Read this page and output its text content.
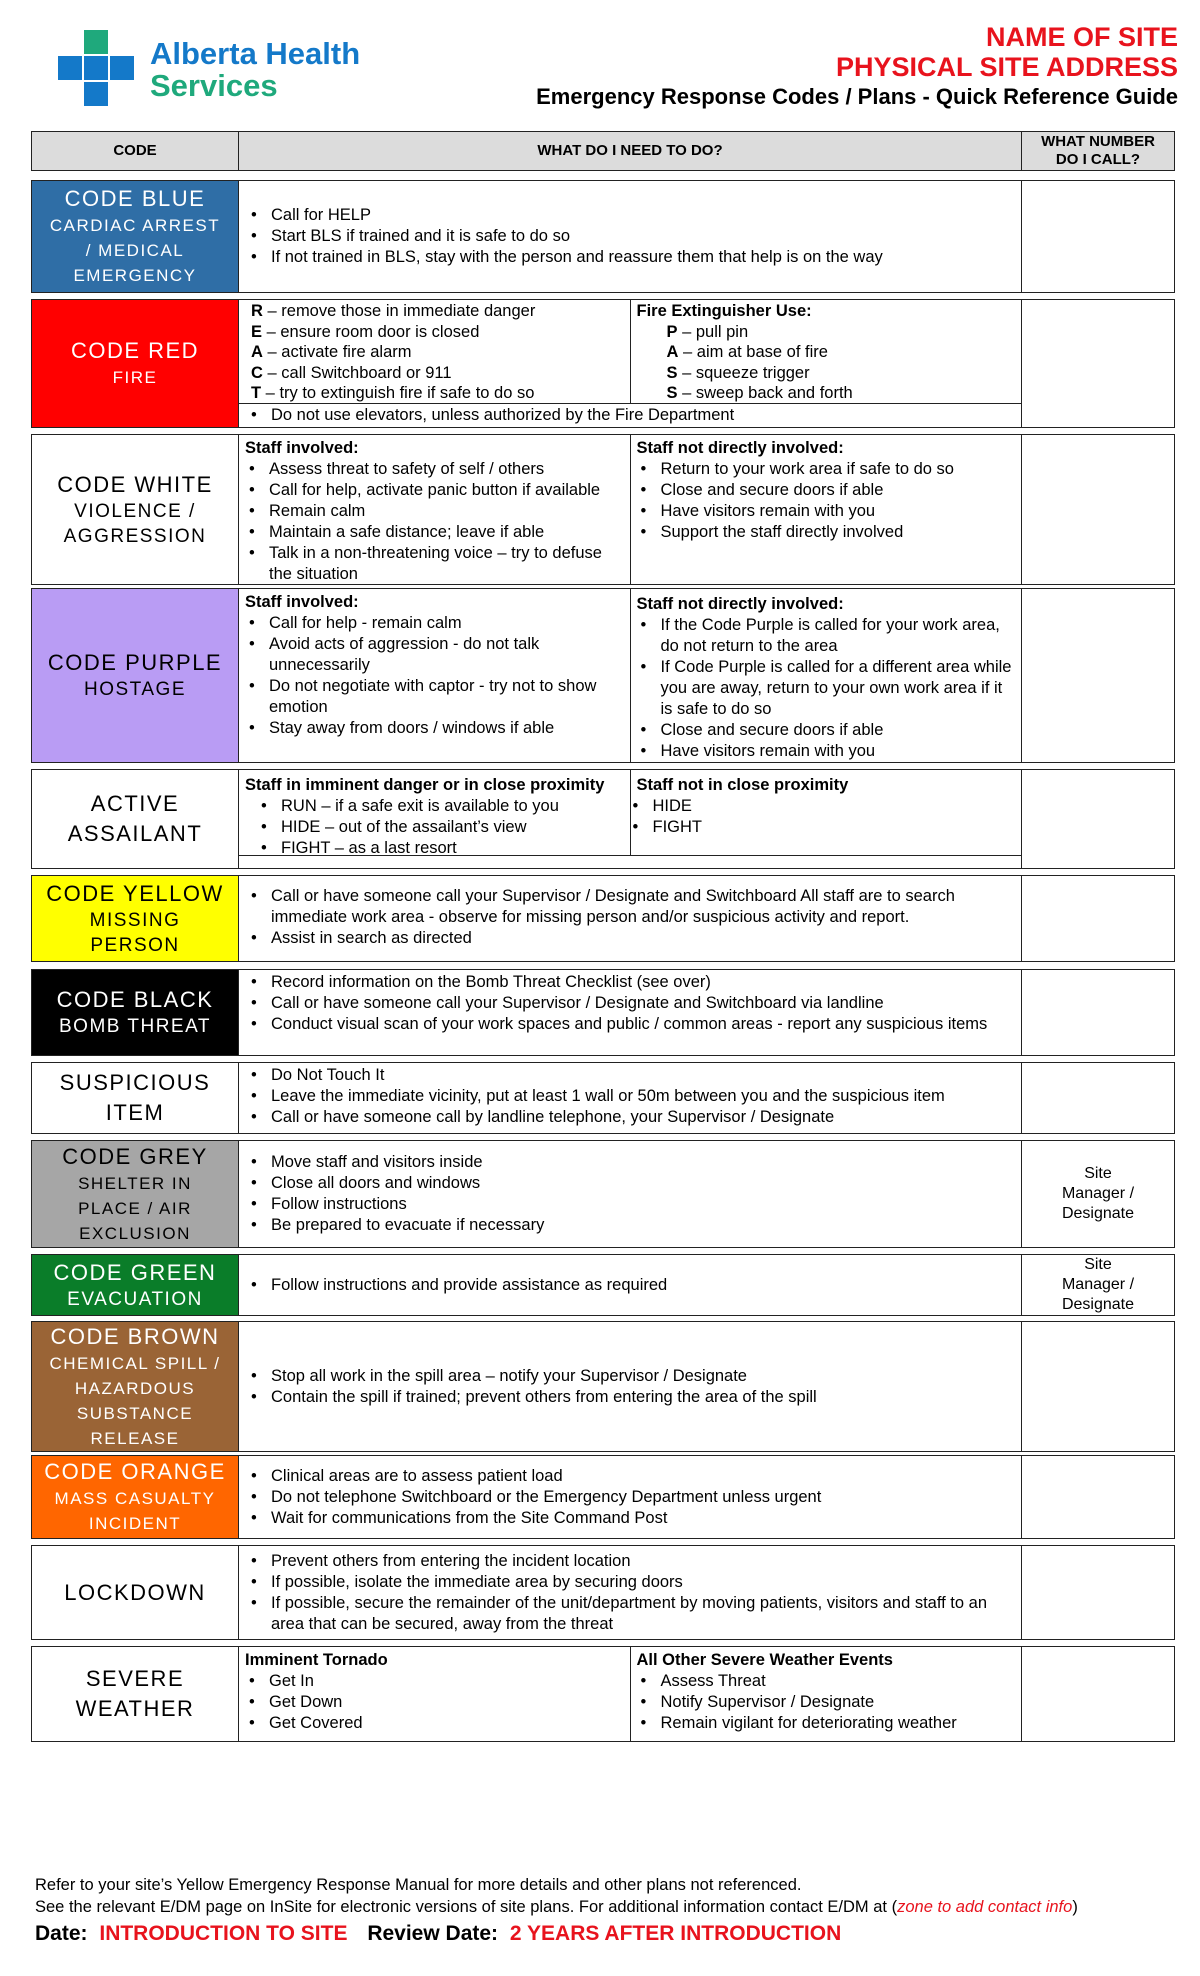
Alberta Health
Services
NAME OF SITE
PHYSICAL SITE ADDRESS
Emergency Response Codes / Plans - Quick Reference Guide
CODE	WHAT DO I NEED TO DO?
WHAT NUMBER DO I CALL?
CODE BLUE
CARDIAC ARREST
/ MEDICAL
EMERGENCY
• Call for HELP
• Start BLS if trained and it is safe to do so
• If not trained in BLS, stay with the person and reassure them that help is on the way
CODE RED
FIRE
R – remove those in immediate danger
E – ensure room door is closed
A – activate fire alarm
C – call Switchboard or 911
T – try to extinguish fire if safe to do so
Fire Extinguisher Use:
P – pull pin
A – aim at base of fire
S – squeeze trigger
S – sweep back and forth
• Do not use elevators, unless authorized by the Fire Department
CODE WHITE
VIOLENCE /
AGGRESSION
Staff involved:
• Assess threat to safety of self / others
• Call for help, activate panic button if available
• Remain calm
• Maintain a safe distance; leave if able
• Talk in a non-threatening voice – try to defuse the situation
Staff not directly involved:
• Return to your work area if safe to do so
• Close and secure doors if able
• Have visitors remain with you
• Support the staff directly involved
CODE PURPLE
HOSTAGE
Staff involved:
• Call for help - remain calm
• Avoid acts of aggression - do not talk unnecessarily
• Do not negotiate with captor - try not to show emotion
• Stay away from doors / windows if able
Staff not directly involved:
• If the Code Purple is called for your work area, do not return to the area
• If Code Purple is called for a different area while you are away, return to your own work area if it is safe to do so
• Close and secure doors if able
• Have visitors remain with you
ACTIVE
ASSAILANT
Staff in imminent danger or in close proximity
• RUN – if a safe exit is available to you
• HIDE – out of the assailant’s view
• FIGHT – as a last resort
Staff not in close proximity
• HIDE
• FIGHT
CODE YELLOW
MISSING
PERSON
• Call or have someone call your Supervisor / Designate and Switchboard All staff are to search immediate work area - observe for missing person and/or suspicious activity and report.
• Assist in search as directed
CODE BLACK
BOMB THREAT
• Record information on the Bomb Threat Checklist (see over)
• Call or have someone call your Supervisor / Designate and Switchboard via landline
• Conduct visual scan of your work spaces and public / common areas - report any suspicious items
SUSPICIOUS
ITEM
• Do Not Touch It
• Leave the immediate vicinity, put at least 1 wall or 50m between you and the suspicious item
• Call or have someone call by landline telephone, your Supervisor / Designate
CODE GREY
SHELTER IN
PLACE / AIR
EXCLUSION
• Move staff and visitors inside
• Close all doors and windows
• Follow instructions
• Be prepared to evacuate if necessary
Site Manager / Designate
CODE GREEN
EVACUATION
• Follow instructions and provide assistance as required
Site Manager / Designate
CODE BROWN
CHEMICAL SPILL /
HAZARDOUS
SUBSTANCE
RELEASE
• Stop all work in the spill area – notify your Supervisor / Designate
• Contain the spill if trained; prevent others from entering the area of the spill
CODE ORANGE
MASS CASUALTY
INCIDENT
• Clinical areas are to assess patient load
• Do not telephone Switchboard or the Emergency Department unless urgent
• Wait for communications from the Site Command Post
LOCKDOWN
• Prevent others from entering the incident location
• If possible, isolate the immediate area by securing doors
• If possible, secure the remainder of the unit/department by moving patients, visitors and staff to an area that can be secured, away from the threat
SEVERE
WEATHER
Imminent Tornado
• Get In
• Get Down
• Get Covered
All Other Severe Weather Events
• Assess Threat
• Notify Supervisor / Designate
• Remain vigilant for deteriorating weather
Refer to your site’s Yellow Emergency Response Manual for more details and other plans not referenced.
See the relevant E/DM page on InSite for electronic versions of site plans. For additional information contact E/DM at (zone to add contact info)
Date: INTRODUCTION TO SITE Review Date: 2 YEARS AFTER INTRODUCTION
